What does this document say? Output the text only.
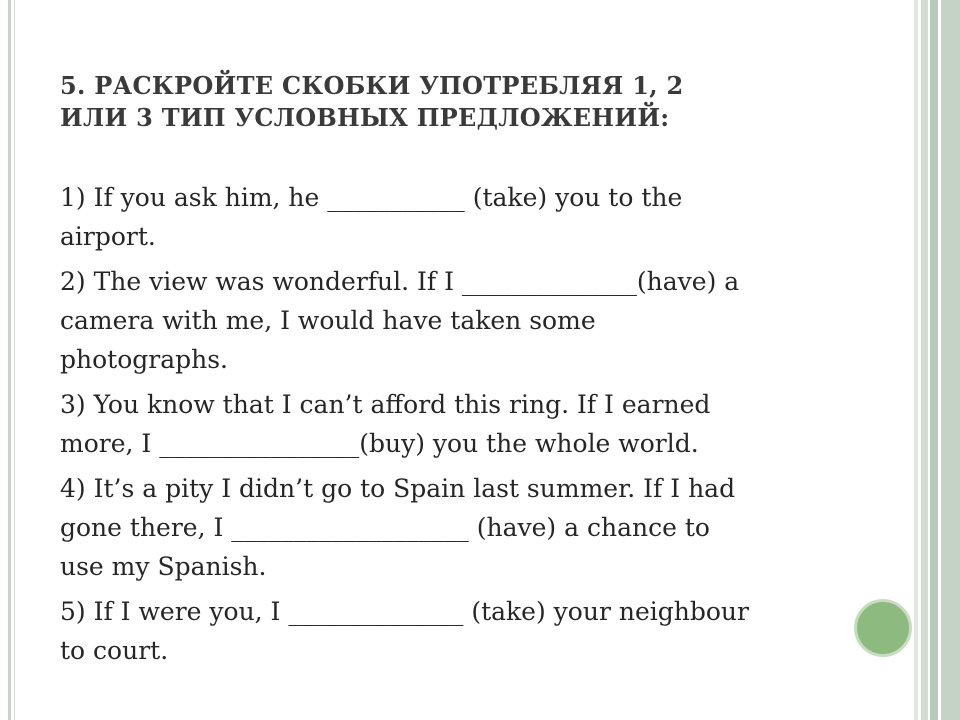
5. РАСКРОЙТЕ СКОБКИ УПОТРЕБЛЯЯ 1, 2
ИЛИ 3 ТИП УСЛОВНЫХ ПРЕДЛОЖЕНИЙ:
1) If you ask him, he ___________ (take) you to the
airport.
2) The view was wonderful. If I ______________(have) a
camera with me, I would have taken some
photographs.
3) You know that I can’t afford this ring. If I earned
more, I ________________(buy) you the whole world.
4) It’s a pity I didn’t go to Spain last summer. If I had
gone there, I ___________________ (have) a chance to
use my Spanish.
5) If I were you, I ______________ (take) your neighbour
to court.
